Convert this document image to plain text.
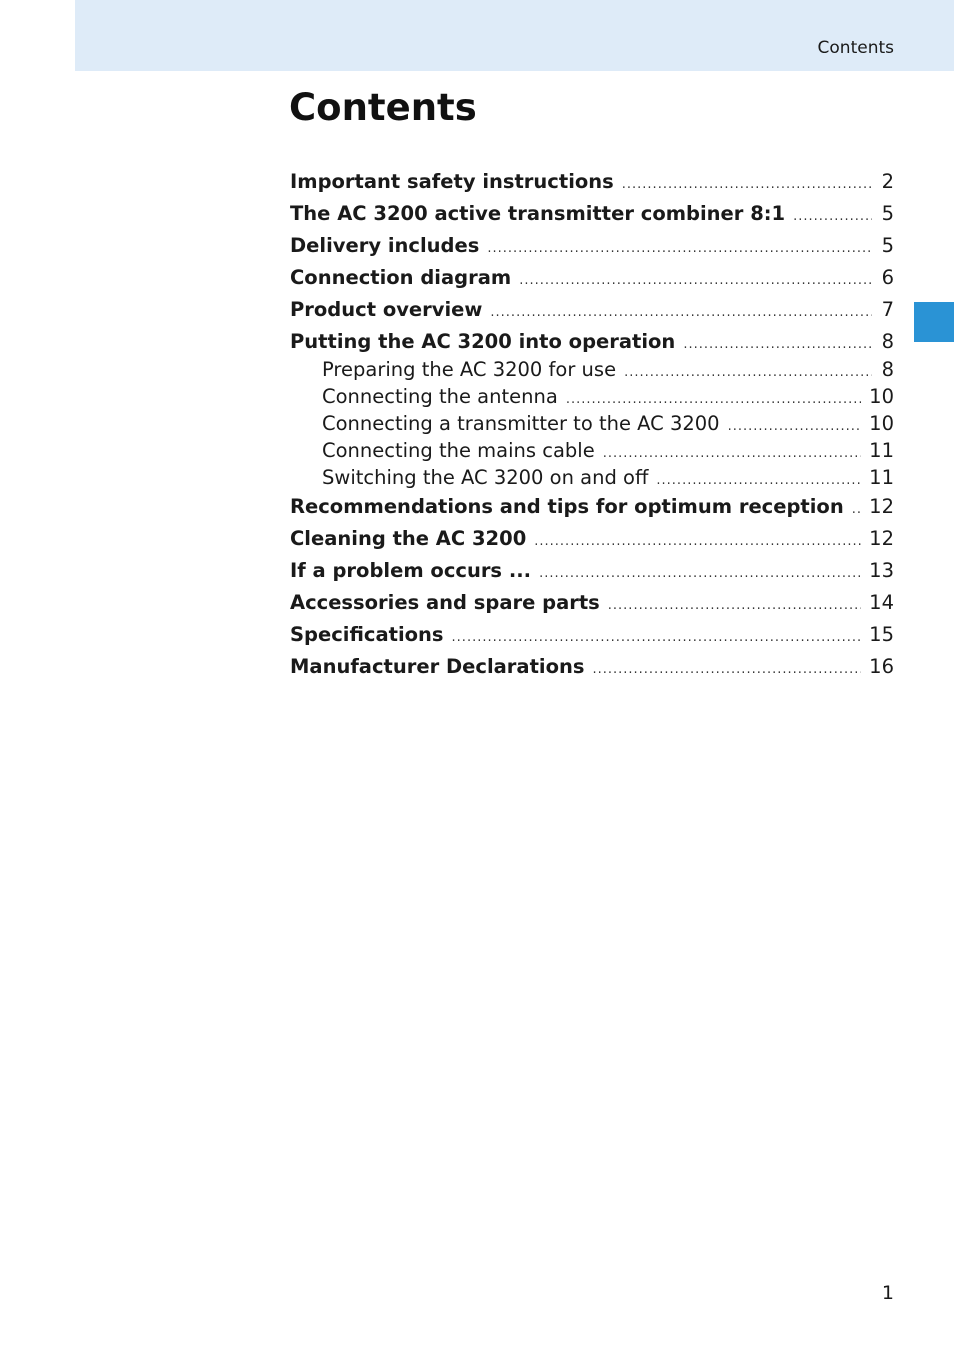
Contents
Contents
Important safety instructions .....	2
The AC 3200 active transmitter combiner 8:1 .....	5
Delivery includes .....	5
Connection diagram .....	6
Product overview .....	7
Putting the AC 3200 into operation .....	8
Preparing the AC 3200 for use .....	8
Connecting the antenna .....	10
Connecting a transmitter to the AC 3200 .....	10
Connecting the mains cable .....	11
Switching the AC 3200 on and off .....	11
Recommendations and tips for optimum reception ..... 12
Cleaning the AC 3200 .....	12
If a problem occurs ... .....	13
Accessories and spare parts .....	14
Specifications .....	15
Manufacturer Declarations .....	16
1
